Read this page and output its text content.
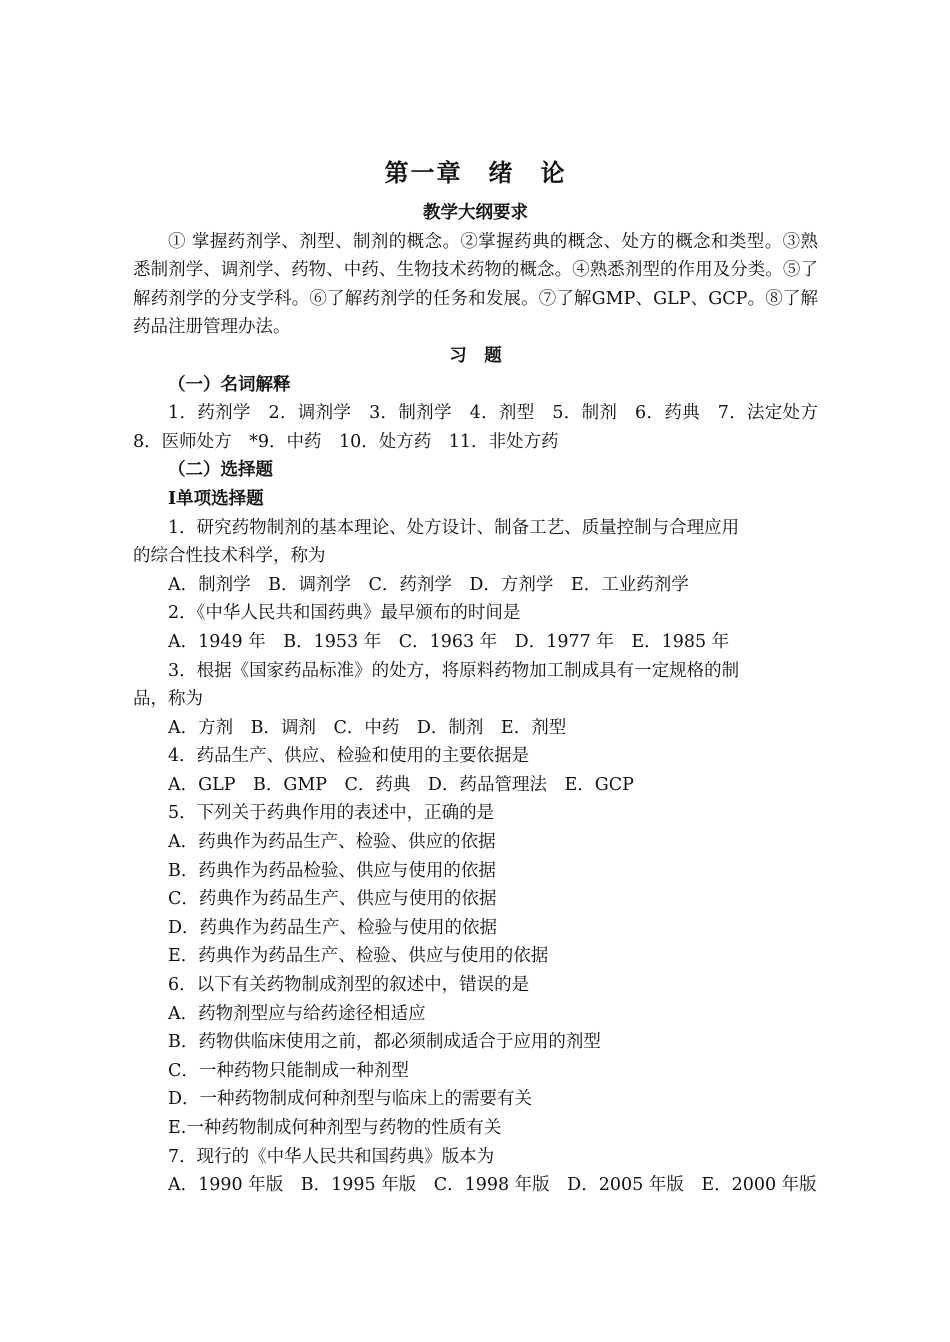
第一章　绪　论
教学大纲要求
① 掌握药剂学、剂型、制剂的概念。②掌握药典的概念、处方的概念和类型。③熟悉制剂学、调剂学、药物、中药、生物技术药物的概念。④熟悉剂型的作用及分类。⑤了解药剂学的分支学科。⑥了解药剂学的任务和发展。⑦了解GMP、GLP、GCP。⑧了解药品注册管理办法。
习　题
（一）名词解释
1．药剂学　2．调剂学　3．制剂学　4．剂型　5．制剂　6．药典　7．法定处方　8．医师处方　*9．中药　10．处方药　11．非处方药
（二）选择题
Ⅰ单项选择题
1．研究药物制剂的基本理论、处方设计、制备工艺、质量控制与合理应用
的综合性技术科学，称为
A．制剂学　B．调剂学　C．药剂学　D．方剂学　E．工业药剂学
2．《中华人民共和国药典》最早颁布的时间是
A．1949 年　B．1953 年　C．1963 年　D．1977 年　E．1985 年
3．根据《国家药品标准》的处方，将原料药物加工制成具有一定规格的制
品，称为
A．方剂　B．调剂　C．中药　D．制剂　E．剂型
4．药品生产、供应、检验和使用的主要依据是
A．GLP　B．GMP　C．药典　D．药品管理法　E．GCP
5．下列关于药典作用的表述中，正确的是
A．药典作为药品生产、检验、供应的依据
B．药典作为药品检验、供应与使用的依据
C．药典作为药品生产、供应与使用的依据
D．药典作为药品生产、检验与使用的依据
E．药典作为药品生产、检验、供应与使用的依据
6．以下有关药物制成剂型的叙述中，错误的是
A．药物剂型应与给药途径相适应
B．药物供临床使用之前，都必须制成适合于应用的剂型
C．一种药物只能制成一种剂型
D．一种药物制成何种剂型与临床上的需要有关
E.一种药物制成何种剂型与药物的性质有关
7．现行的《中华人民共和国药典》版本为
A．1990 年版　B．1995 年版　C．1998 年版　D．2005 年版　E．2000 年版
